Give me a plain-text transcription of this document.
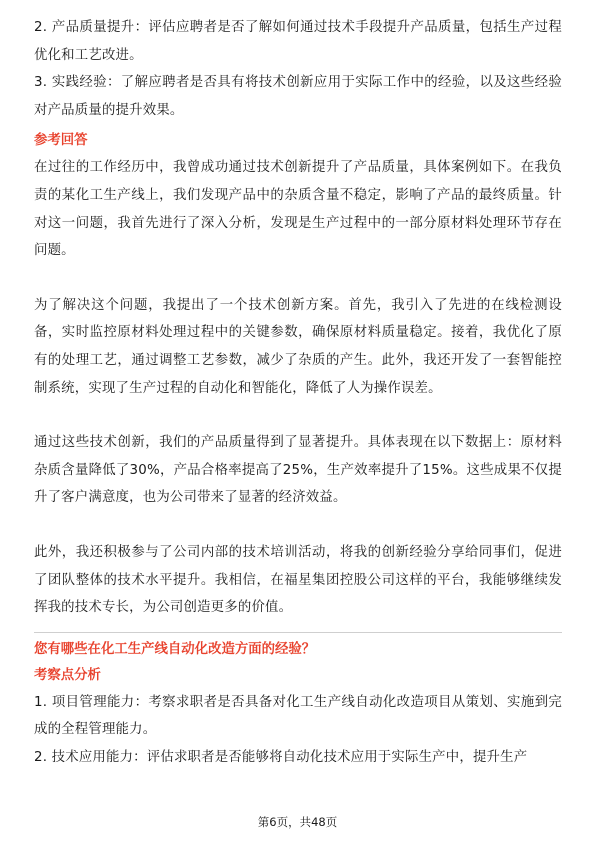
2. 产品质量提升：评估应聘者是否了解如何通过技术手段提升产品质量，包括生产过程优化和工艺改进。

3. 实践经验：了解应聘者是否具有将技术创新应用于实际工作中的经验，以及这些经验对产品质量的提升效果。

参考回答

在过往的工作经历中，我曾成功通过技术创新提升了产品质量，具体案例如下。在我负责的某化工生产线上，我们发现产品中的杂质含量不稳定，影响了产品的最终质量。针对这一问题，我首先进行了深入分析，发现是生产过程中的一部分原材料处理环节存在问题。

为了解决这个问题，我提出了一个技术创新方案。首先，我引入了先进的在线检测设备，实时监控原材料处理过程中的关键参数，确保原材料质量稳定。接着，我优化了原有的处理工艺，通过调整工艺参数，减少了杂质的产生。此外，我还开发了一套智能控制系统，实现了生产过程的自动化和智能化，降低了人为操作误差。

通过这些技术创新，我们的产品质量得到了显著提升。具体表现在以下数据上：原材料杂质含量降低了30%，产品合格率提高了25%，生产效率提升了15%。这些成果不仅提升了客户满意度，也为公司带来了显著的经济效益。

此外，我还积极参与了公司内部的技术培训活动，将我的创新经验分享给同事们，促进了团队整体的技术水平提升。我相信，在福星集团控股公司这样的平台，我能够继续发挥我的技术专长，为公司创造更多的价值。

您有哪些在化工生产线自动化改造方面的经验？

考察点分析

1. 项目管理能力：考察求职者是否具备对化工生产线自动化改造项目从策划、实施到完成的全程管理能力。

2. 技术应用能力：评估求职者是否能够将自动化技术应用于实际生产中，提升生产

第6页，共48页
